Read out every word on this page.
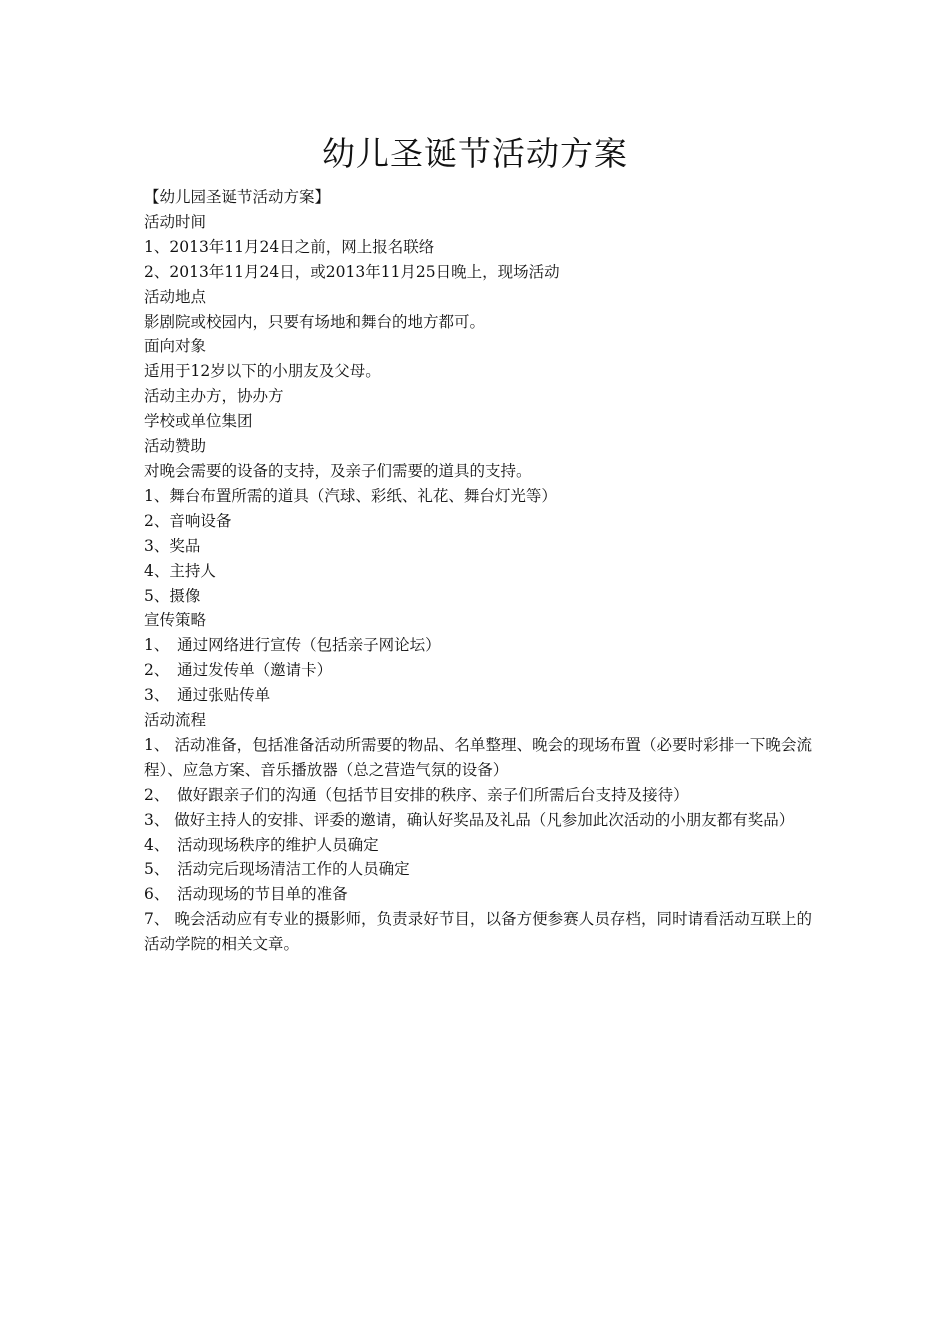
幼儿圣诞节活动方案

【幼儿园圣诞节活动方案】

活动时间

1、2013年11月24日之前，网上报名联络

2、2013年11月24日，或2013年11月25日晚上，现场活动

活动地点

影剧院或校园内，只要有场地和舞台的地方都可。

面向对象

适用于12岁以下的小朋友及父母。

活动主办方，协办方

学校或单位集团

活动赞助

对晚会需要的设备的支持，及亲子们需要的道具的支持。

1、舞台布置所需的道具（汽球、彩纸、礼花、舞台灯光等）

2、音响设备

3、奖品

4、主持人

5、摄像

宣传策略

1、　通过网络进行宣传（包括亲子网论坛）

2、　通过发传单（邀请卡）

3、　通过张贴传单

活动流程

1、 活动准备，包括准备活动所需要的物品、名单整理、晚会的现场布置（必要时彩排一下晚会流程）、应急方案、音乐播放器（总之营造气氛的设备）

2、　做好跟亲子们的沟通（包括节目安排的秩序、亲子们所需后台支持及接待）

3、 做好主持人的安排、评委的邀请，确认好奖品及礼品（凡参加此次活动的小朋友都有奖品）

4、　活动现场秩序的维护人员确定

5、　活动完后现场清洁工作的人员确定

6、　活动现场的节目单的准备

7、 晚会活动应有专业的摄影师，负责录好节目，以备方便参赛人员存档，同时请看活动互联上的活动学院的相关文章。
